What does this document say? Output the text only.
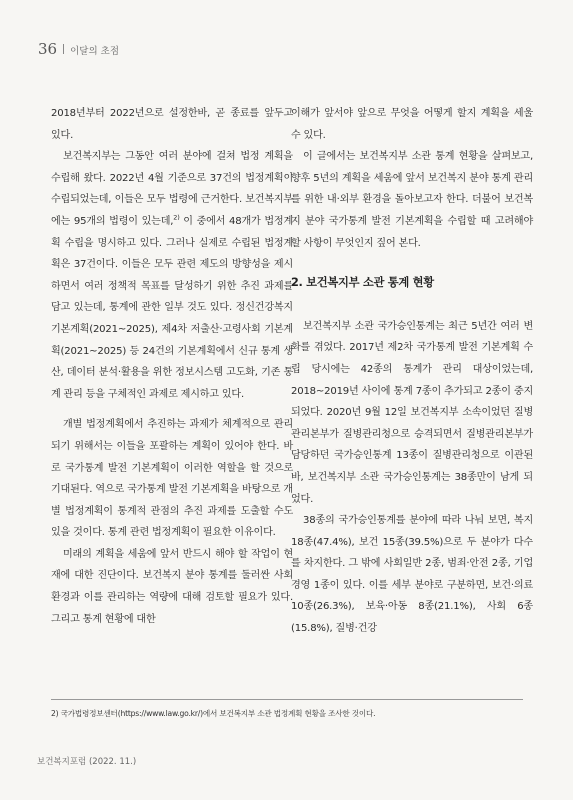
36 이달의 초점

2018년부터 2022년으로 설정한바, 곧 종료를 앞두고 있다.

보건복지부는 그동안 여러 분야에 걸쳐 법정 계획을 수립해 왔다. 2022년 4월 기준으로 37건의 법정계획이 수립되었는데, 이들은 모두 법령에 근거한다. 보건복지부에는 95개의 법령이 있는데,$^{2)}$ 이 중에서 48개가 법정계획 수립을 명시하고 있다. 그러나 실제로 수립된 법정계획은 37건이다. 이들은 모두 관련 제도의 방향성을 제시하면서 여러 정책적 목표를 달성하기 위한 추진 과제를 담고 있는데, 통계에 관한 일부 것도 있다. 정신건강복지 기본계획(2021~2025), 제4차 저출산·고령사회 기본계획(2021~2025) 등 24건의 기본계획에서 신규 통계 생산, 데이터 분석·활용을 위한 정보시스템 고도화, 기존 통계 관리 등을 구체적인 과제로 제시하고 있다.

개별 법정계획에서 추진하는 과제가 체계적으로 관리되기 위해서는 이들을 포괄하는 계획이 있어야 한다. 바로 국가통계 발전 기본계획이 이러한 역할을 할 것으로 기대된다. 역으로 국가통계 발전 기본계획을 바탕으로 개별 법정계획이 통계적 관점의 추진 과제를 도출할 수도 있을 것이다. 통계 관련 법정계획이 필요한 이유이다.

미래의 계획을 세움에 앞서 반드시 해야 할 작업이 현재에 대한 진단이다. 보건복지 분야 통계를 둘러싼 사회 환경과 이를 관리하는 역량에 대해 검토할 필요가 있다. 그리고 통계 현황에 대한

이해가 앞서야 앞으로 무엇을 어떻게 할지 계획을 세울 수 있다.

이 글에서는 보건복지부 소관 통계 현황을 살펴보고, 향후 5년의 계획을 세움에 앞서 보건복지 분야 통계 관리를 위한 내·외부 환경을 돌아보고자 한다. 더불어 보건복지 분야 국가통계 발전 기본계획을 수립할 때 고려해야 할 사항이 무엇인지 짚어 본다.

2. 보건복지부 소관 통계 현황

보건복지부 소관 국가승인통계는 최근 5년간 여러 변화를 겪었다. 2017년 제2차 국가통계 발전 기본계획 수립 당시에는 42종의 통계가 관리 대상이었는데, 2018~2019년 사이에 통계 7종이 추가되고 2종이 중지되었다. 2020년 9월 12일 보건복지부 소속이었던 질병관리본부가 질병관리청으로 승격되면서 질병관리본부가 담당하던 국가승인통계 13종이 질병관리청으로 이관된 바, 보건복지부 소관 국가승인통계는 38종만이 남게 되었다.

38종의 국가승인통계를 분야에 따라 나눠 보면, 복지 18종(47.4%), 보건 15종(39.5%)으로 두 분야가 다수를 차지한다. 그 밖에 사회일반 2종, 범죄·안전 2종, 기업경영 1종이 있다. 이를 세부 분야로 구분하면, 보건·의료 10종(26.3%), 보육·아동 8종(21.1%), 사회 6종(15.8%), 질병·건강

2) 국가법령정보센터(https://www.law.go.kr/)에서 보건복지부 소관 법정계획 현황을 조사한 것이다.
보건복지포럼 (2022. 11.)
